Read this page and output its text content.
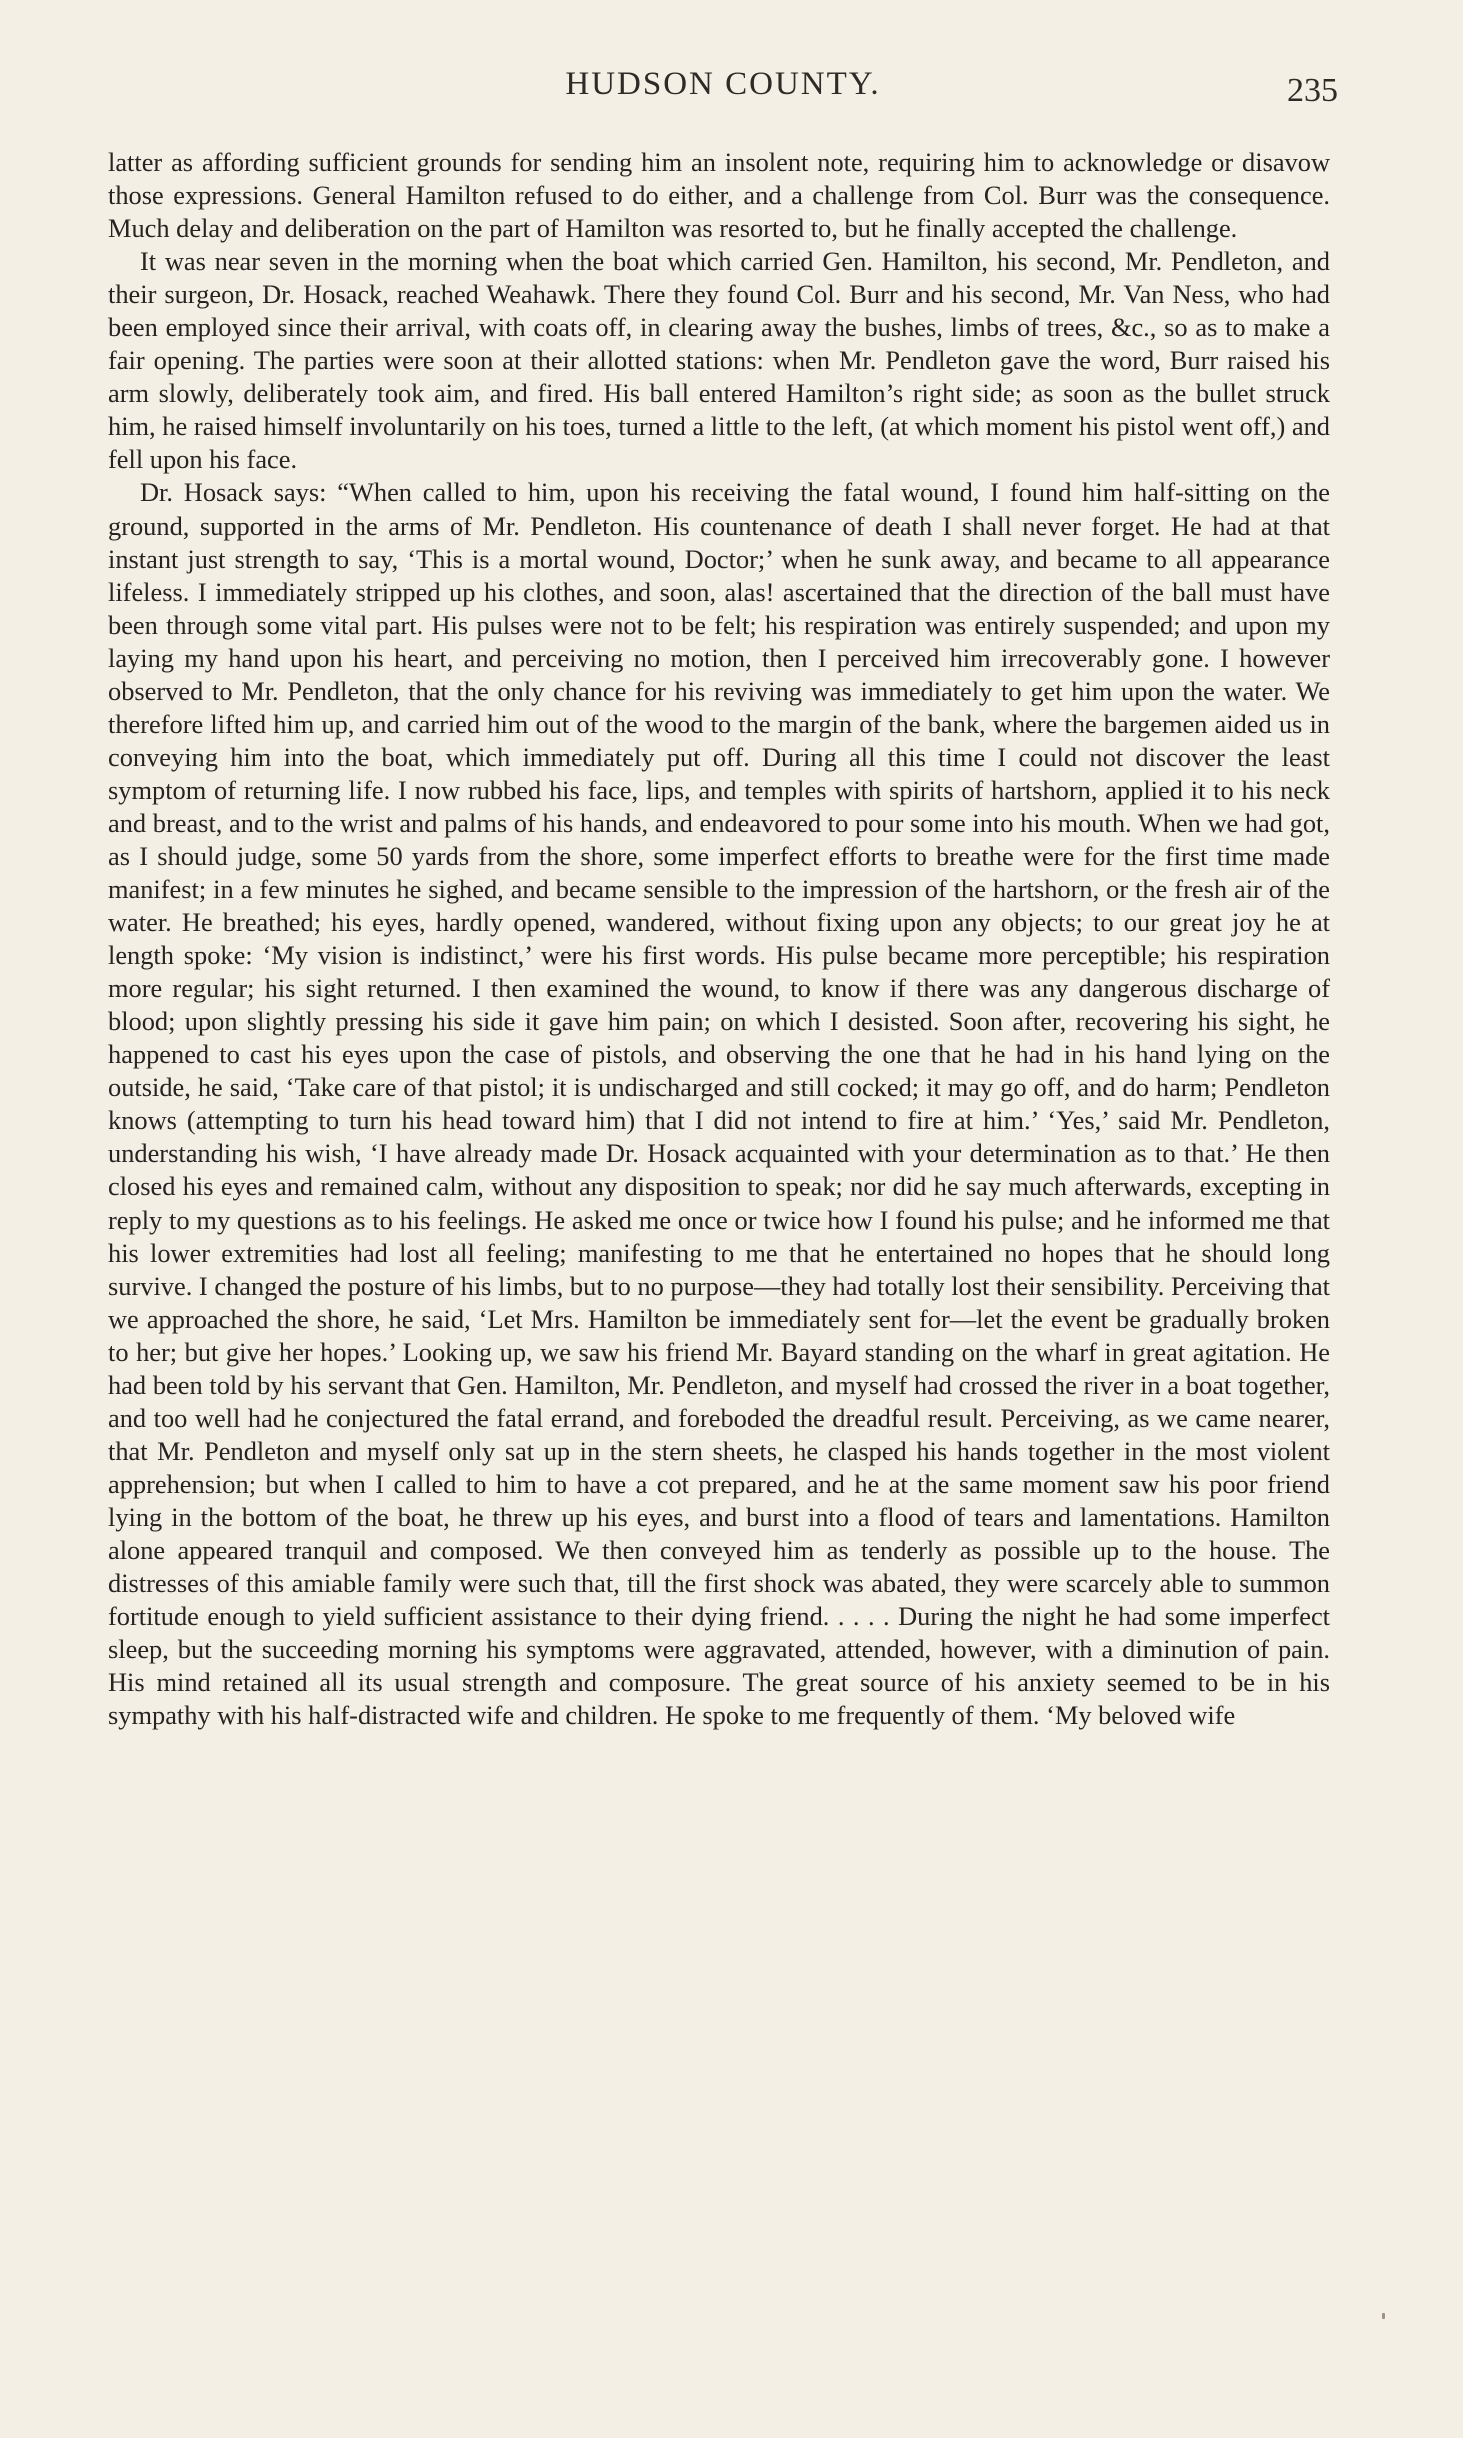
HUDSON COUNTY.	235

latter as affording sufficient grounds for sending him an insolent note, requiring him to acknowledge or disavow those expressions. General Hamilton refused to do either, and a challenge from Col. Burr was the consequence. Much delay and deliberation on the part of Hamilton was resorted to, but he finally accepted the challenge.

It was near seven in the morning when the boat which carried Gen. Hamilton, his second, Mr. Pendleton, and their surgeon, Dr. Hosack, reached Weahawk. There they found Col. Burr and his second, Mr. Van Ness, who had been employed since their arrival, with coats off, in clearing away the bushes, limbs of trees, &c., so as to make a fair opening. The parties were soon at their allotted stations: when Mr. Pendleton gave the word, Burr raised his arm slowly, deliberately took aim, and fired. His ball entered Hamilton’s right side; as soon as the bullet struck him, he raised himself involuntarily on his toes, turned a little to the left, (at which moment his pistol went off,) and fell upon his face.

Dr. Hosack says: “When called to him, upon his receiving the fatal wound, I found him half-sitting on the ground, supported in the arms of Mr. Pendleton. His countenance of death I shall never forget. He had at that instant just strength to say, ‘This is a mortal wound, Doctor;’ when he sunk away, and became to all appearance lifeless. I immediately stripped up his clothes, and soon, alas! ascertained that the direction of the ball must have been through some vital part. His pulses were not to be felt; his respiration was entirely suspended; and upon my laying my hand upon his heart, and perceiving no motion, then I perceived him irrecoverably gone. I however observed to Mr. Pendleton, that the only chance for his reviving was immediately to get him upon the water. We therefore lifted him up, and carried him out of the wood to the margin of the bank, where the bargemen aided us in conveying him into the boat, which immediately put off. During all this time I could not discover the least symptom of returning life. I now rubbed his face, lips, and temples with spirits of hartshorn, applied it to his neck and breast, and to the wrist and palms of his hands, and endeavored to pour some into his mouth. When we had got, as I should judge, some 50 yards from the shore, some imperfect efforts to breathe were for the first time made manifest; in a few minutes he sighed, and became sensible to the impression of the hartshorn, or the fresh air of the water. He breathed; his eyes, hardly opened, wandered, without fixing upon any objects; to our great joy he at length spoke: ‘My vision is indistinct,’ were his first words. His pulse became more perceptible; his respiration more regular; his sight returned. I then examined the wound, to know if there was any dangerous discharge of blood; upon slightly pressing his side it gave him pain; on which I desisted. Soon after, recovering his sight, he happened to cast his eyes upon the case of pistols, and observing the one that he had in his hand lying on the outside, he said, ‘Take care of that pistol; it is undischarged and still cocked; it may go off, and do harm; Pendleton knows (attempting to turn his head toward him) that I did not intend to fire at him.’ ‘Yes,’ said Mr. Pendleton, understanding his wish, ‘I have already made Dr. Hosack acquainted with your determination as to that.’ He then closed his eyes and remained calm, without any disposition to speak; nor did he say much afterwards, excepting in reply to my questions as to his feelings. He asked me once or twice how I found his pulse; and he informed me that his lower extremities had lost all feeling; manifesting to me that he entertained no hopes that he should long survive. I changed the posture of his limbs, but to no purpose—they had totally lost their sensibility. Perceiving that we approached the shore, he said, ‘Let Mrs. Hamilton be immediately sent for—let the event be gradually broken to her; but give her hopes.’ Looking up, we saw his friend Mr. Bayard standing on the wharf in great agitation. He had been told by his servant that Gen. Hamilton, Mr. Pendleton, and myself had crossed the river in a boat together, and too well had he conjectured the fatal errand, and foreboded the dreadful result. Perceiving, as we came nearer, that Mr. Pendleton and myself only sat up in the stern sheets, he clasped his hands together in the most violent apprehension; but when I called to him to have a cot prepared, and he at the same moment saw his poor friend lying in the bottom of the boat, he threw up his eyes, and burst into a flood of tears and lamentations. Hamilton alone appeared tranquil and composed. We then conveyed him as tenderly as possible up to the house. The distresses of this amiable family were such that, till the first shock was abated, they were scarcely able to summon fortitude enough to yield sufficient assistance to their dying friend. . . . . During the night he had some imperfect sleep, but the succeeding morning his symptoms were aggravated, attended, however, with a diminution of pain. His mind retained all its usual strength and composure. The great source of his anxiety seemed to be in his sympathy with his half-distracted wife and children. He spoke to me frequently of them. ‘My beloved wife
